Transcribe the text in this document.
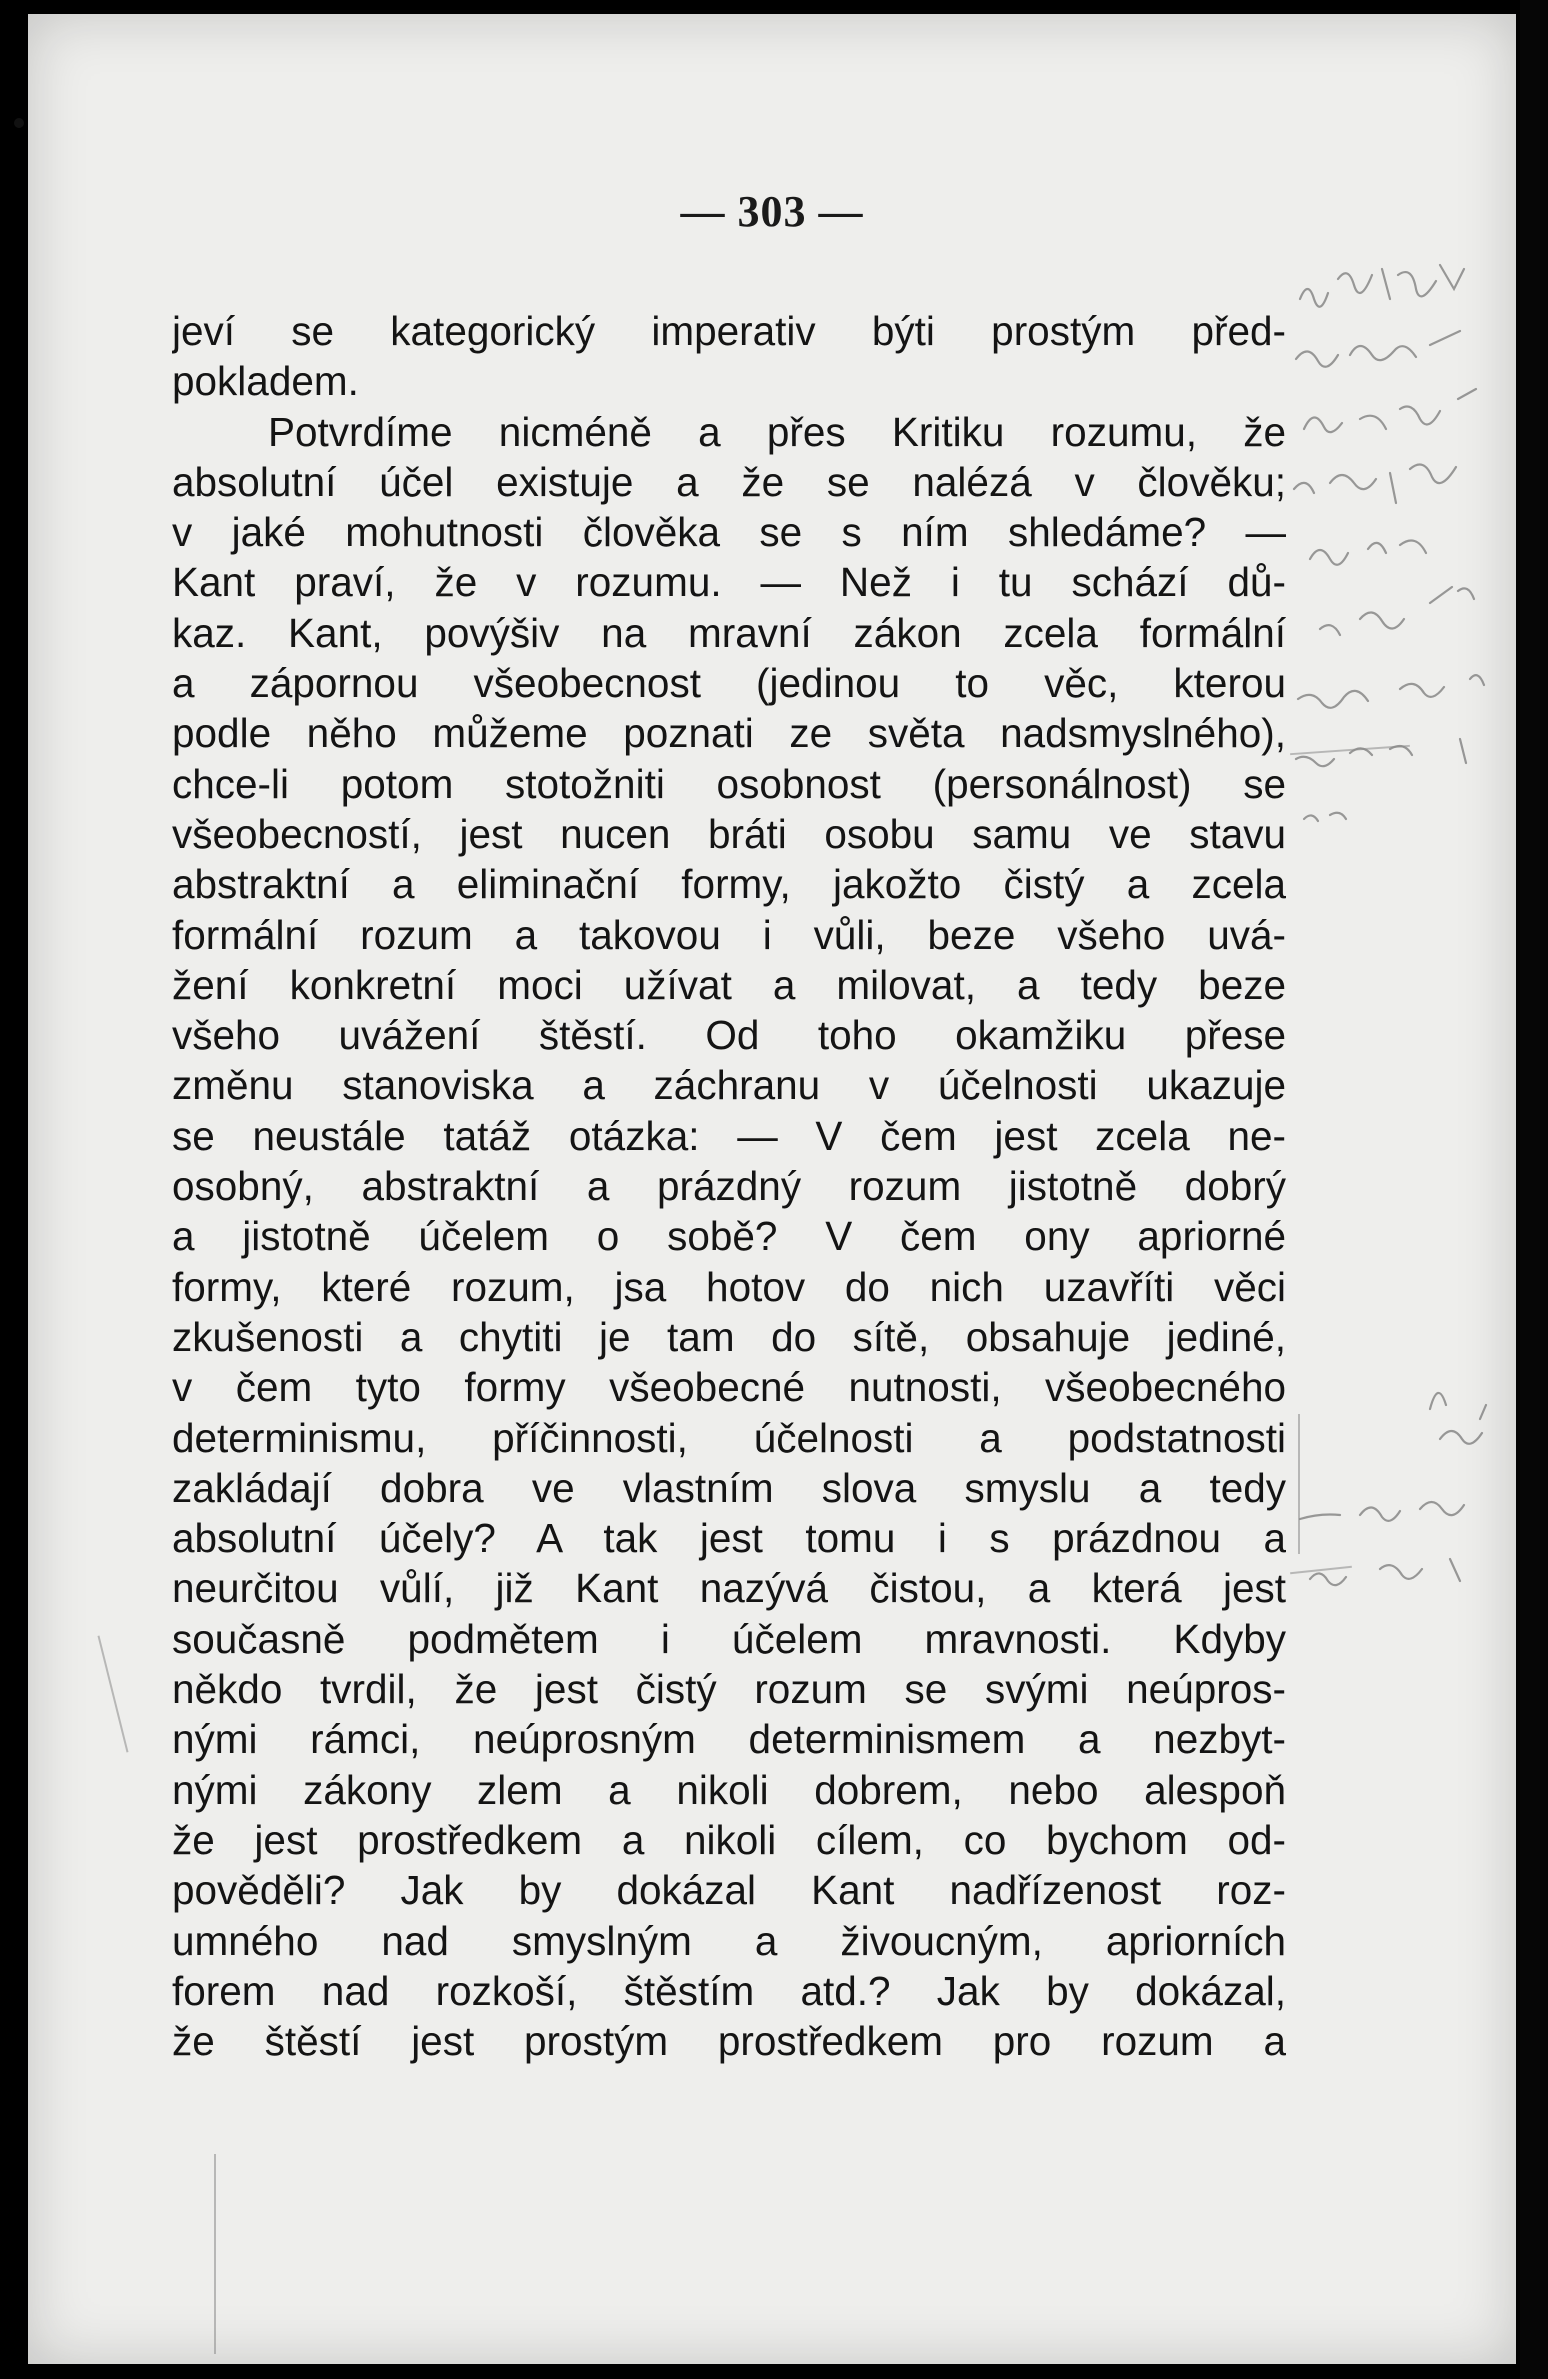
— 303 —
jeví se kategorický imperativ býti prostým před-
pokladem.
Potvrdíme nicméně a přes Kritiku rozumu, že
absolutní účel existuje a že se nalézá v člověku;
v jaké mohutnosti člověka se s ním shledáme? —
Kant praví, že v rozumu. — Než i tu schází dů-
kaz. Kant, povýšiv na mravní zákon zcela formální
a zápornou všeobecnost (jedinou to věc, kterou
podle něho můžeme poznati ze světa nadsmyslného),
chce-li potom stotožniti osobnost (personálnost) se
všeobecností, jest nucen bráti osobu samu ve stavu
abstraktní a eliminační formy, jakožto čistý a zcela
formální rozum a takovou i vůli, beze všeho uvá-
žení konkretní moci užívat a milovat, a tedy beze
všeho uvážení štěstí. Od toho okamžiku přese
změnu stanoviska a záchranu v účelnosti ukazuje
se neustále tatáž otázka: — V čem jest zcela ne-
osobný, abstraktní a prázdný rozum jistotně dobrý
a jistotně účelem o sobě? V čem ony apriorné
formy, které rozum, jsa hotov do nich uzavříti věci
zkušenosti a chytiti je tam do sítě, obsahuje jediné,
v čem tyto formy všeobecné nutnosti, všeobecného
determinismu, příčinnosti, účelnosti a podstatnosti
zakládají dobra ve vlastním slova smyslu a tedy
absolutní účely? A tak jest tomu i s prázdnou a
neurčitou vůlí, již Kant nazývá čistou, a která jest
současně podmětem i účelem mravnosti. Kdyby
někdo tvrdil, že jest čistý rozum se svými neúpros-
nými rámci, neúprosným determinismem a nezbyt-
nými zákony zlem a nikoli dobrem, nebo alespoň
že jest prostředkem a nikoli cílem, co bychom od-
pověděli? Jak by dokázal Kant nadřízenost roz-
umného nad smyslným a živoucným, apriorních
forem nad rozkoší, štěstím atd.? Jak by dokázal,
že štěstí jest prostým prostředkem pro rozum a
